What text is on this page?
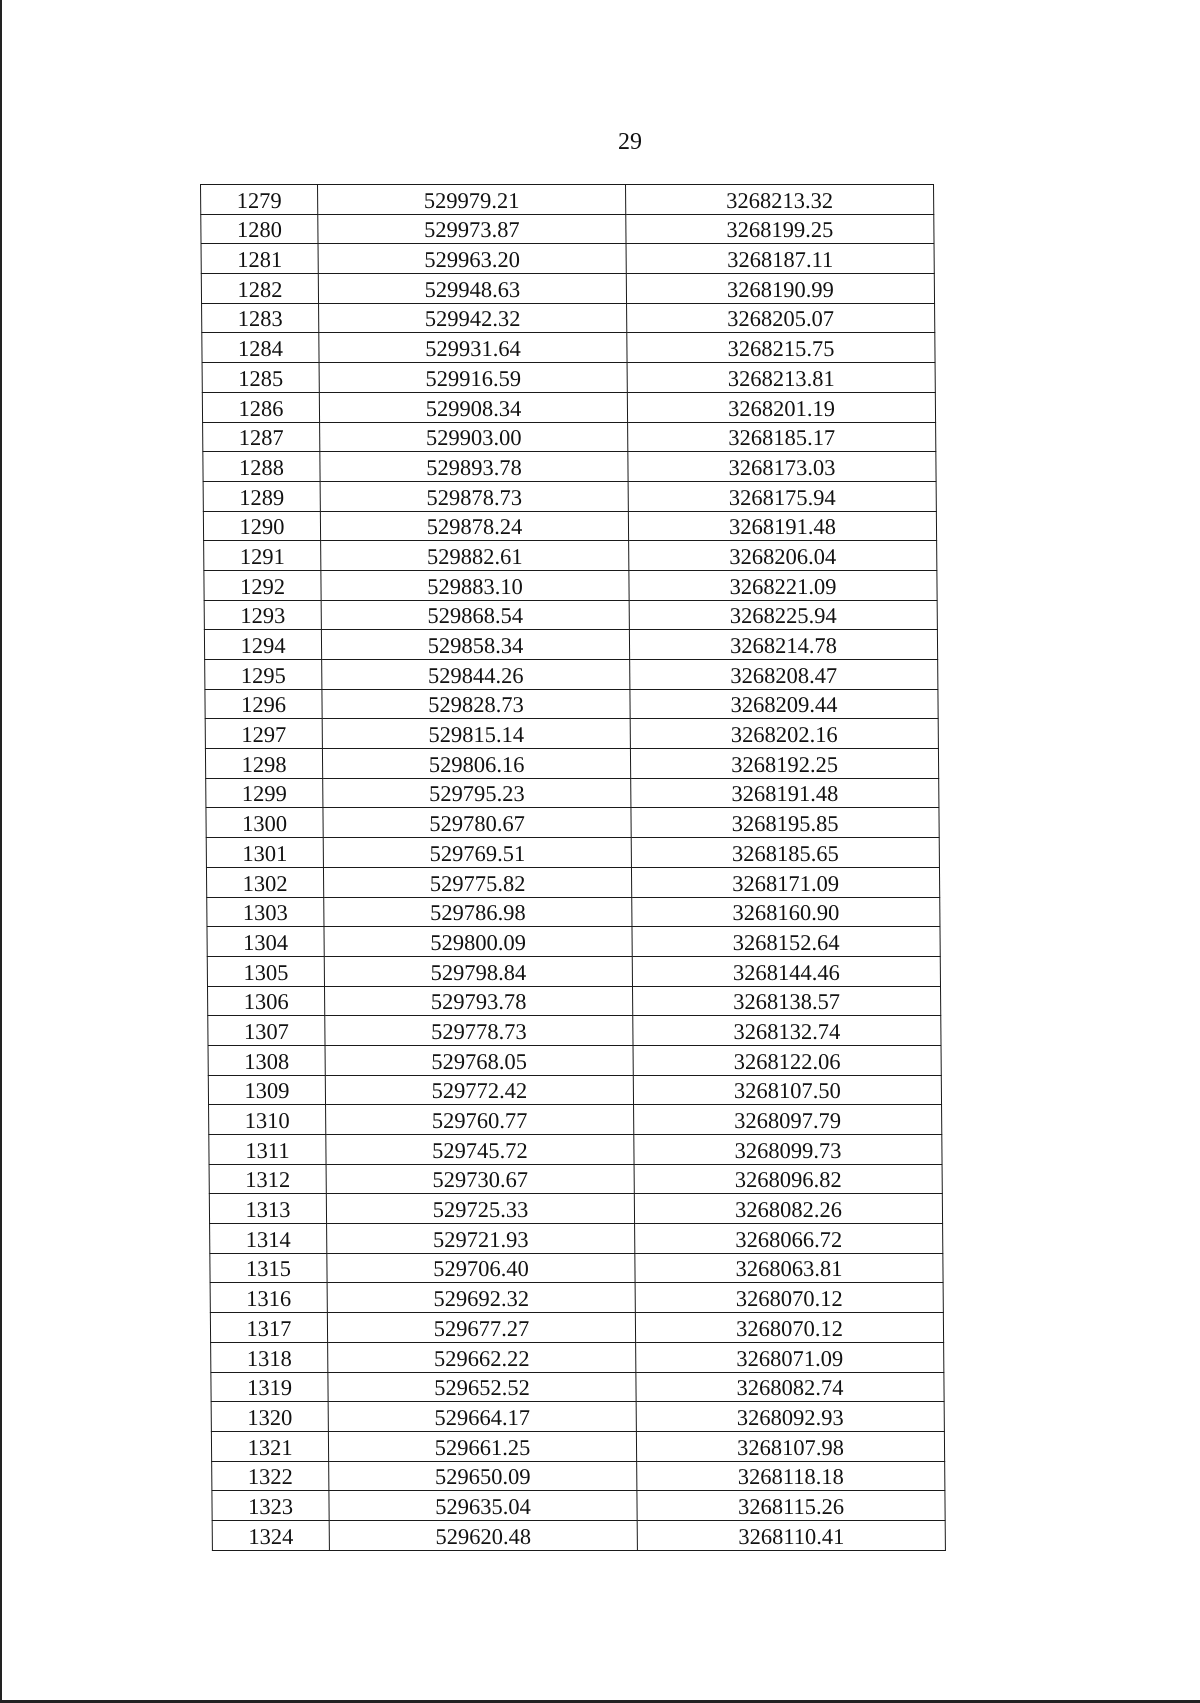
29
1279	529979.21	3268213.32
1280	529973.87	3268199.25
1281	529963.20	3268187.11
1282	529948.63	3268190.99
1283	529942.32	3268205.07
1284	529931.64	3268215.75
1285	529916.59	3268213.81
1286	529908.34	3268201.19
1287	529903.00	3268185.17
1288	529893.78	3268173.03
1289	529878.73	3268175.94
1290	529878.24	3268191.48
1291	529882.61	3268206.04
1292	529883.10	3268221.09
1293	529868.54	3268225.94
1294	529858.34	3268214.78
1295	529844.26	3268208.47
1296	529828.73	3268209.44
1297	529815.14	3268202.16
1298	529806.16	3268192.25
1299	529795.23	3268191.48
1300	529780.67	3268195.85
1301	529769.51	3268185.65
1302	529775.82	3268171.09
1303	529786.98	3268160.90
1304	529800.09	3268152.64
1305	529798.84	3268144.46
1306	529793.78	3268138.57
1307	529778.73	3268132.74
1308	529768.05	3268122.06
1309	529772.42	3268107.50
1310	529760.77	3268097.79
1311	529745.72	3268099.73
1312	529730.67	3268096.82
1313	529725.33	3268082.26
1314	529721.93	3268066.72
1315	529706.40	3268063.81
1316	529692.32	3268070.12
1317	529677.27	3268070.12
1318	529662.22	3268071.09
1319	529652.52	3268082.74
1320	529664.17	3268092.93
1321	529661.25	3268107.98
1322	529650.09	3268118.18
1323	529635.04	3268115.26
1324	529620.48	3268110.41
